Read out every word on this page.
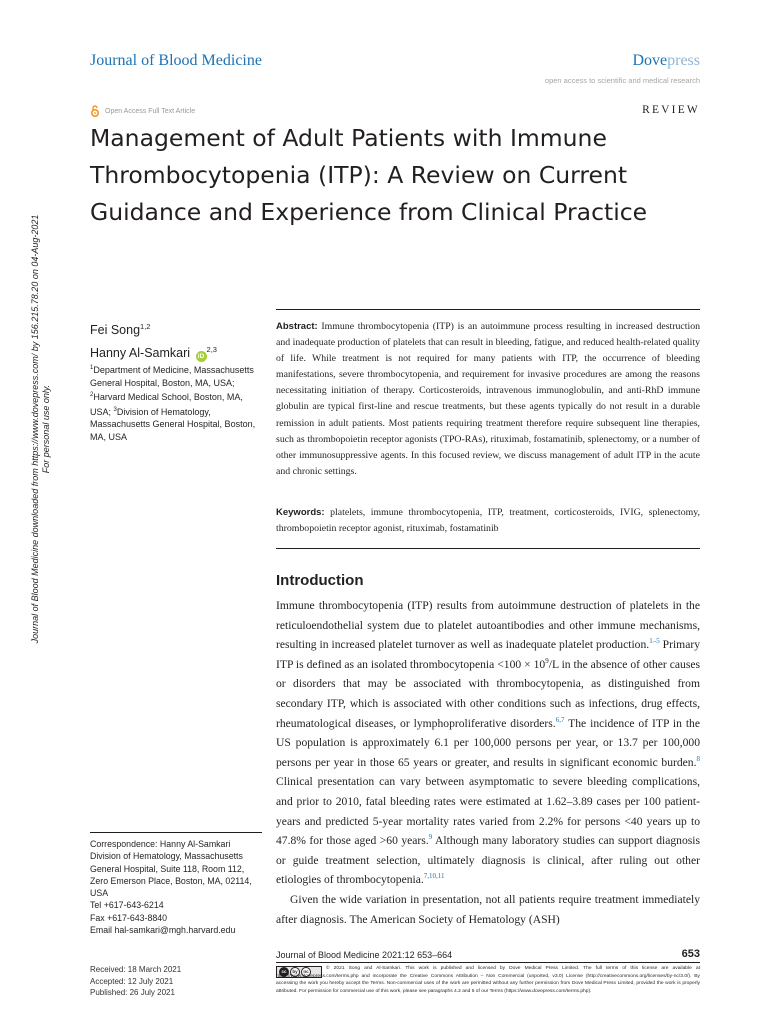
Journal of Blood Medicine	Dovepress
open access to scientific and medical research
Open Access Full Text Article	REVIEW
Management of Adult Patients with Immune Thrombocytopenia (ITP): A Review on Current Guidance and Experience from Clinical Practice
Journal of Blood Medicine downloaded from https://www.dovepress.com/ by 156.215.78.20 on 04-Aug-2021 For personal use only.
Fei Song$^{1,2}$
Hanny Al-Samkari iD$^{2,3}$
$^1$Department of Medicine, Massachusetts General Hospital, Boston, MA, USA; $^2$Harvard Medical School, Boston, MA, USA; $^3$Division of Hematology, Massachusetts General Hospital, Boston, MA, USA
Abstract: Immune thrombocytopenia (ITP) is an autoimmune process resulting in increased destruction and inadequate production of platelets that can result in bleeding, fatigue, and reduced health-related quality of life. While treatment is not required for many patients with ITP, the occurrence of bleeding manifestations, severe thrombocytopenia, and requirement for invasive procedures are among the reasons necessitating initiation of therapy. Corticosteroids, intravenous immunoglobulin, and anti-RhD immune globulin are typical first-line and rescue treatments, but these agents typically do not result in a durable remission in adult patients. Most patients requiring treatment therefore require subsequent line therapies, such as thrombopoietin receptor agonists (TPO-RAs), rituximab, fostamatinib, splenectomy, or a number of other immunosuppressive agents. In this focused review, we discuss management of adult ITP in the acute and chronic settings.
Keywords: platelets, immune thrombocytopenia, ITP, treatment, corticosteroids, IVIG, splenectomy, thrombopoietin receptor agonist, rituximab, fostamatinib
Introduction

Immune thrombocytopenia (ITP) results from autoimmune destruction of platelets in the reticuloendothelial system due to platelet autoantibodies and other immune mechanisms, resulting in increased platelet turnover as well as inadequate platelet production.$^{1-5}$ Primary ITP is defined as an isolated thrombocytopenia $<100 \times 10^9/L$ in the absence of other causes or disorders that may be associated with thrombocytopenia, as distinguished from secondary ITP, which is associated with other conditions such as infections, drug effects, rheumatological diseases, or lymphoproliferative disorders.$^{6,7}$ The incidence of ITP in the US population is approximately 6.1 per 100,000 persons per year, or 13.7 per 100,000 persons per year in those 65 years or greater, and results in significant economic burden.$^8$ Clinical presentation can vary between asymptomatic to severe bleeding complications, and prior to 2010, fatal bleeding rates were estimated at 1.62–3.89 cases per 100 patient-years and predicted 5-year mortality rates varied from 2.2% for persons <40 years up to 47.8% for those aged >60 years.$^9$ Although many laboratory studies can support diagnosis or guide treatment selection, ultimately diagnosis is clinical, after ruling out other etiologies of thrombocytopenia.$^{7,10,11}$

Given the wide variation in presentation, not all patients require treatment immediately after diagnosis. The American Society of Hematology (ASH)

Correspondence: Hanny Al-Samkari
Division of Hematology, Massachusetts
General Hospital, Suite 118, Room 112,
Zero Emerson Place, Boston, MA, 02114,
USA
Tel +617-643-6214
Fax +617-643-8840
Email hal-samkari@mgh.harvard.edu
Received: 18 March 2021
Accepted: 12 July 2021
Published: 26 July 2021
Journal of Blood Medicine 2021:12 653–664	653
cc	by	nc
© 2021 Song and Al-Samkari. This work is published and licensed by Dove Medical Press Limited. The full terms of this license are available at https://www.dovepress.com/terms.php and incorporate the Creative Commons Attribution – Non Commercial (unported, v3.0) License (http://creativecommons.org/licenses/by-nc/3.0/). By accessing the work you hereby accept the Terms. Non-commercial uses of the work are permitted without any further permission from Dove Medical Press Limited, provided the work is properly attributed. For permission for commercial use of this work, please see paragraphs 4.2 and 5 of our Terms (https://www.dovepress.com/terms.php).
